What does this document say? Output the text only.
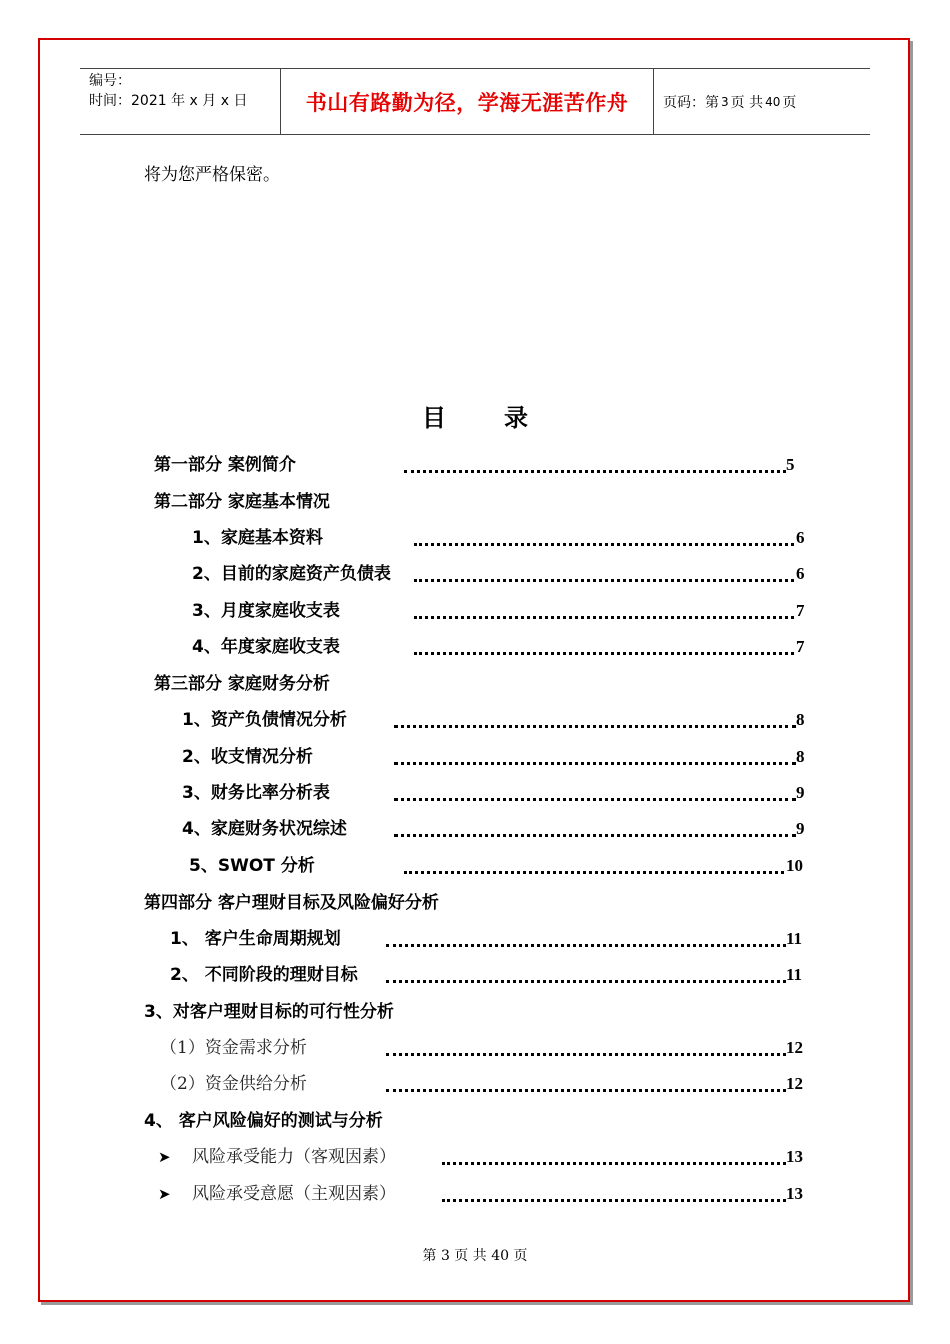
编号：
时间：2021 年 x 月 x 日	书山有路勤为径，学海无涯苦作舟	页码：第 3 页 共 40 页
将为您严格保密。
目 录
第一部分 案例简介	5
第二部分 家庭基本情况
1、家庭基本资料	6
2、目前的家庭资产负债表	6
3、月度家庭收支表	7
4、年度家庭收支表	7
第三部分 家庭财务分析
1、资产负债情况分析	8
2、收支情况分析	8
3、财务比率分析表	9
4、家庭财务状况综述	9
5、SWOT 分析	10
第四部分 客户理财目标及风险偏好分析
1、 客户生命周期规划	11
2、 不同阶段的理财目标	11
3、对客户理财目标的可行性分析
（1）资金需求分析	12
（2）资金供给分析	12
4、 客户风险偏好的测试与分析
➤ 风险承受能力（客观因素）	13
➤ 风险承受意愿（主观因素）	13
第 3 页 共 40 页
